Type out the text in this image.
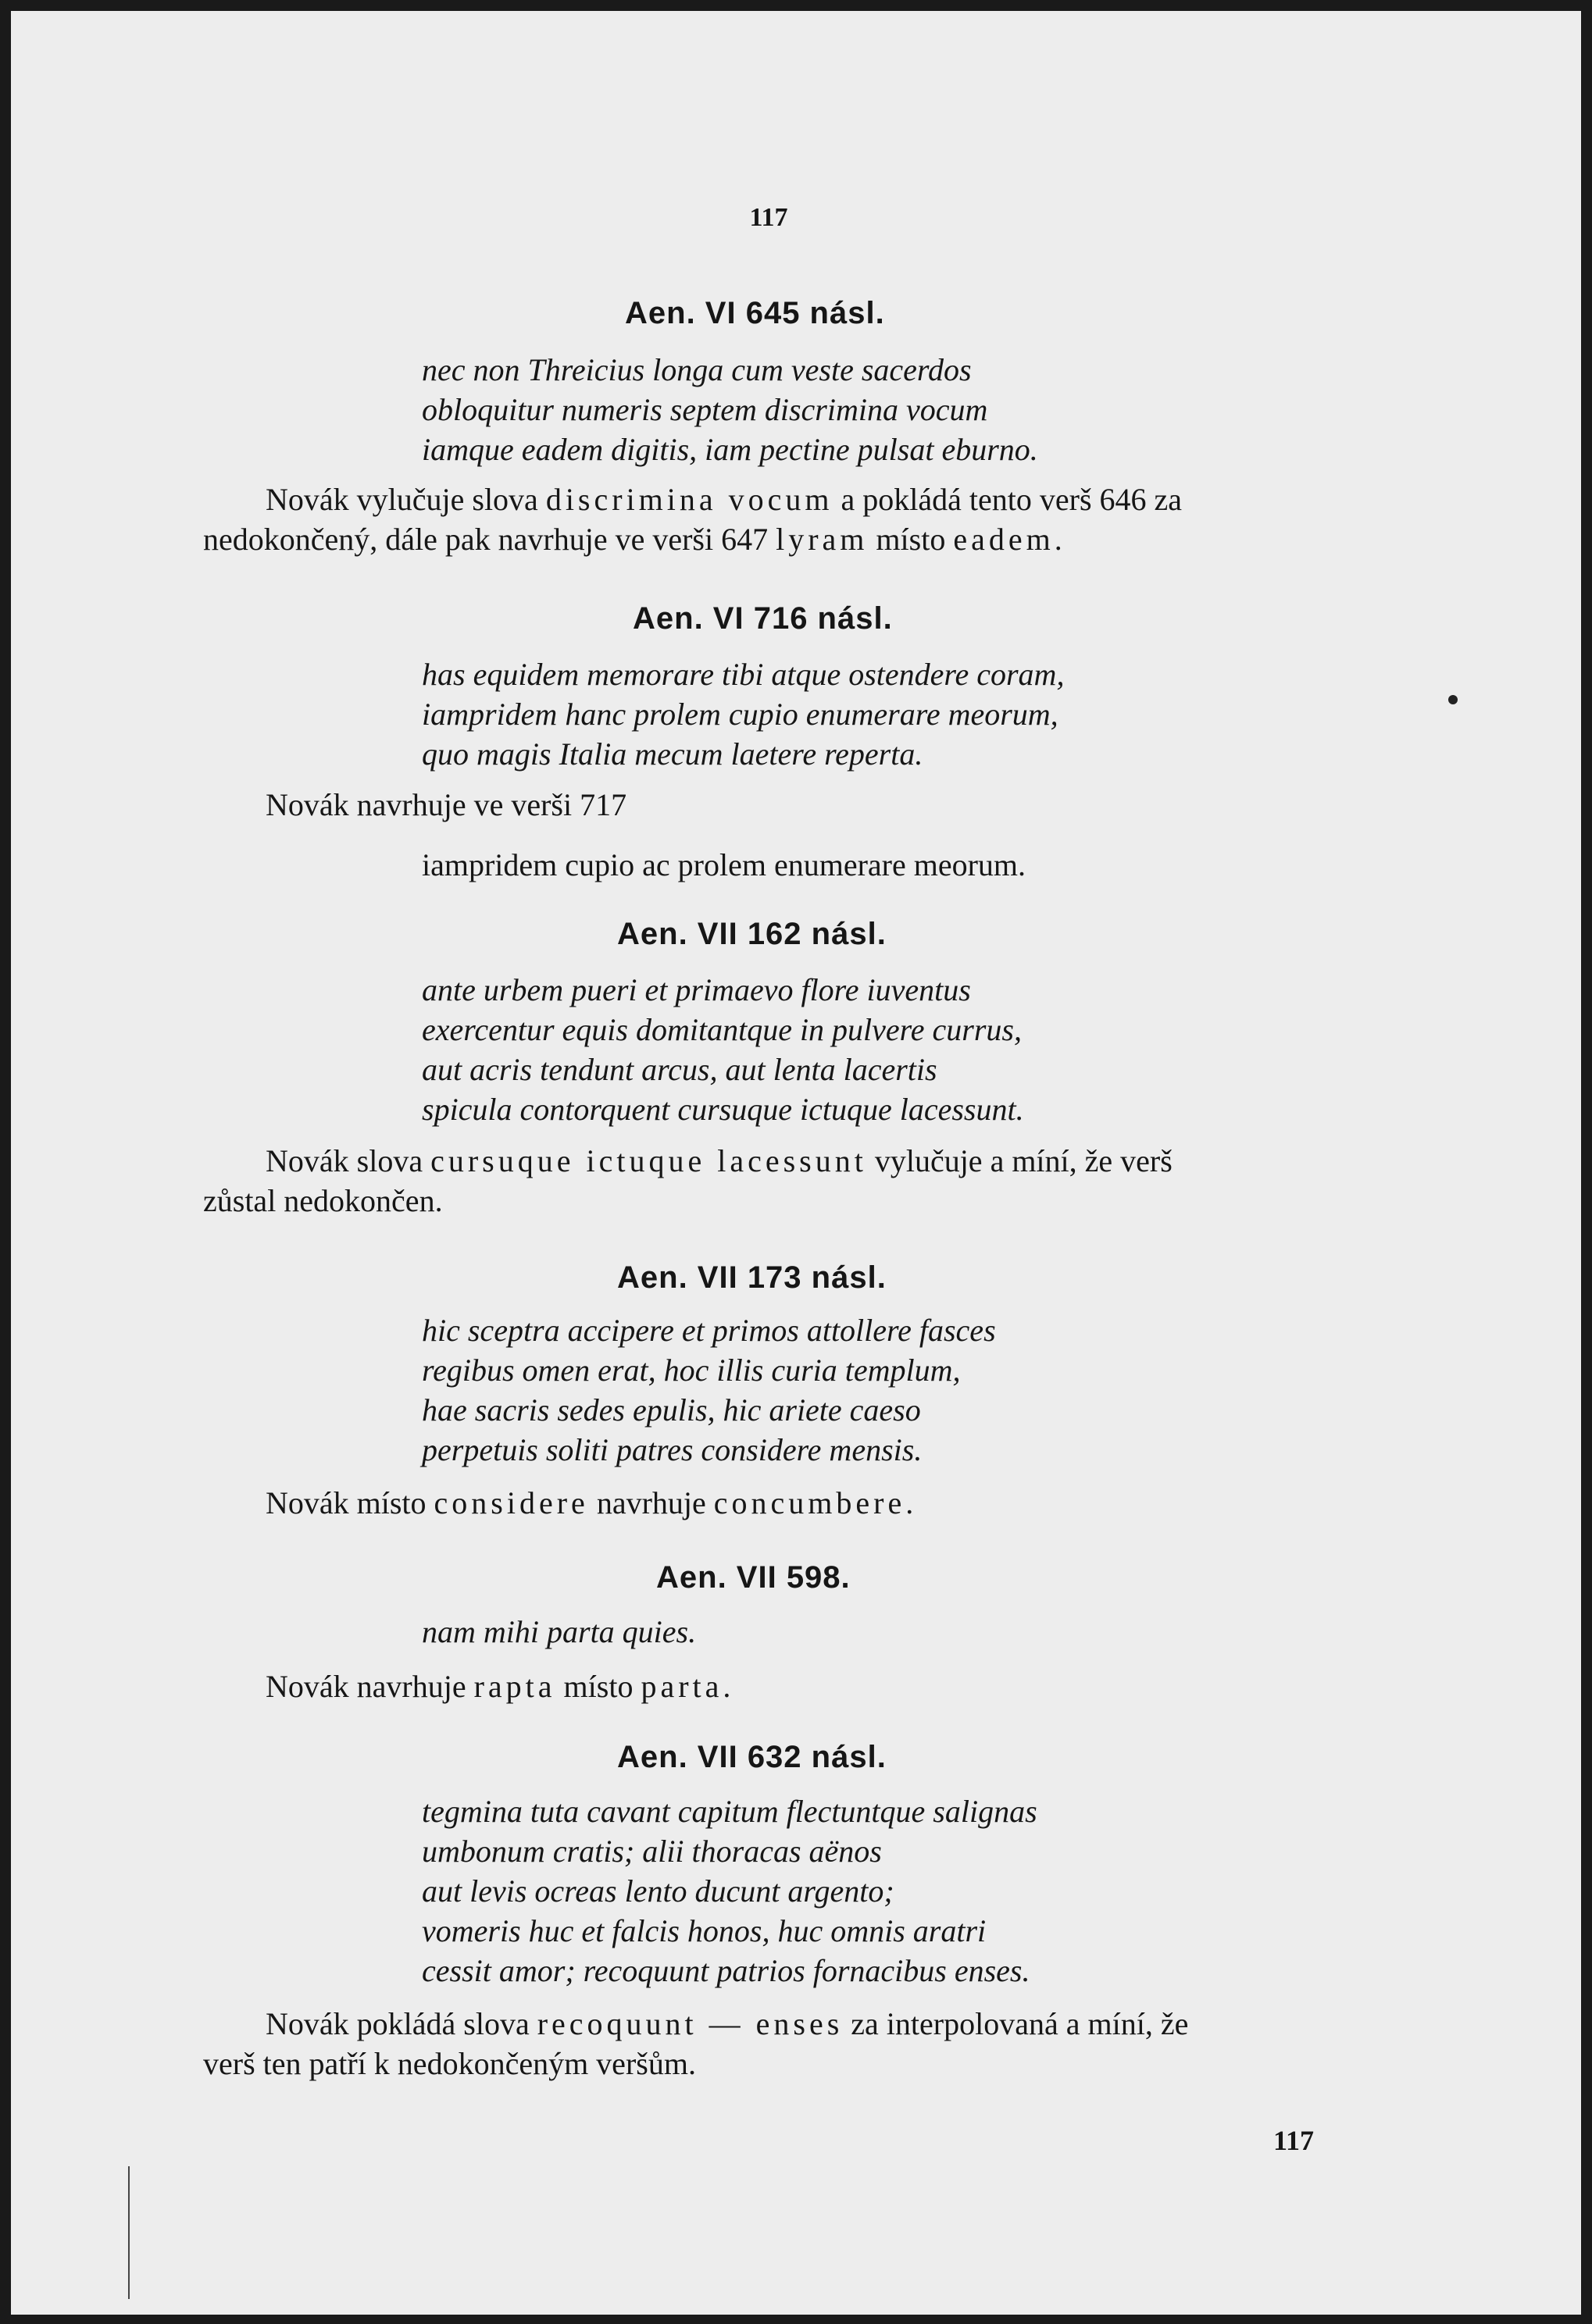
117
Aen. VI 645 násl.
nec non Threicius longa cum veste sacerdos
obloquitur numeris septem discrimina vocum
iamque eadem digitis, iam pectine pulsat eburno.
Novák vylučuje slova discrimina vocum a pokládá tento verš 646 za
nedokončený, dále pak navrhuje ve verši 647 lyram místo eadem.
Aen. VI 716 násl.
has equidem memorare tibi atque ostendere coram,
iampridem hanc prolem cupio enumerare meorum,
quo magis Italia mecum laetere reperta.
Novák navrhuje ve verši 717
iampridem cupio ac prolem enumerare meorum.
Aen. VII 162 násl.
ante urbem pueri et primaevo flore iuventus
exercentur equis domitantque in pulvere currus,
aut acris tendunt arcus, aut lenta lacertis
spicula contorquent cursuque ictuque lacessunt.
Novák slova cursuque ictuque lacessunt vylučuje a míní, že verš
zůstal nedokončen.
Aen. VII 173 násl.
hic sceptra accipere et primos attollere fasces
regibus omen erat, hoc illis curia templum,
hae sacris sedes epulis, hic ariete caeso
perpetuis soliti patres considere mensis.
Novák místo considere navrhuje concumbere.
Aen. VII 598.
nam mihi parta quies.
Novák navrhuje rapta místo parta.
Aen. VII 632 násl.
tegmina tuta cavant capitum flectuntque salignas
umbonum cratis; alii thoracas aënos
aut levis ocreas lento ducunt argento;
vomeris huc et falcis honos, huc omnis aratri
cessit amor; recoquunt patrios fornacibus enses.
Novák pokládá slova recoquunt — enses za interpolovaná a míní, že
verš ten patří k nedokončeným veršům.
117
